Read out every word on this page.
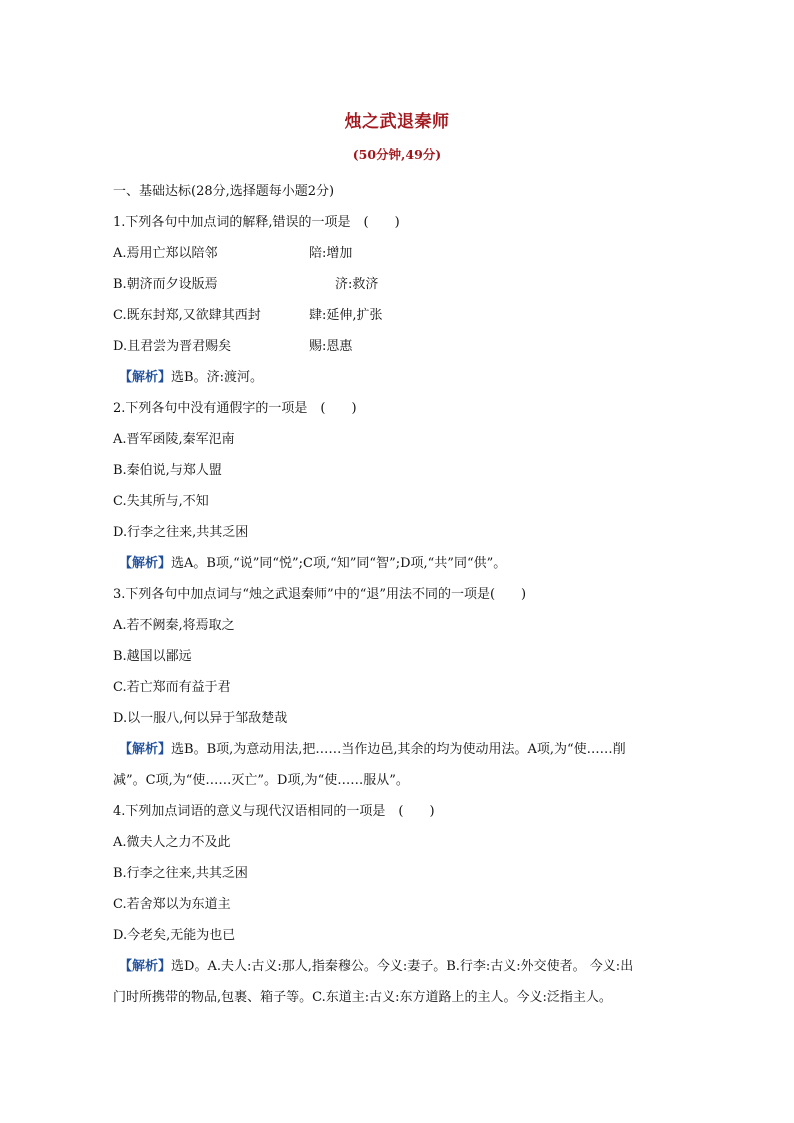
烛之武退秦师
(50分钟,49分)
一、基础达标(28分,选择题每小题2分)
1.下列各句中加点词的解释,错误的一项是　(　　)
A.焉用亡郑以陪邻	陪:增加
B.朝济而夕设版焉	济:救济
C.既东封郑,又欲肆其西封	肆:延伸,扩张
D.且君尝为晋君赐矣	赐:恩惠
【解析】选B。济:渡河。
2.下列各句中没有通假字的一项是　(　　)
A.晋军函陵,秦军氾南
B.秦伯说,与郑人盟
C.失其所与,不知
D.行李之往来,共其乏困
【解析】选A。B项,“说”同“悦”;C项,“知”同“智”;D项,“共”同“供”。
3.下列各句中加点词与“烛之武退秦师”中的“退”用法不同的一项是(　　)
A.若不阙秦,将焉取之
B.越国以鄙远
C.若亡郑而有益于君
D.以一服八,何以异于邹敌楚哉
【解析】选B。B项,为意动用法,把……当作边邑,其余的均为使动用法。A项,为“使……削
减”。C项,为“使……灭亡”。D项,为“使……服从”。
4.下列加点词语的意义与现代汉语相同的一项是　(　　)
A.微夫人之力不及此
B.行李之往来,共其乏困
C.若舍郑以为东道主
D.今老矣,无能为也已
【解析】选D。A.夫人:古义:那人,指秦穆公。今义:妻子。B.行李:古义:外交使者。 今义:出
门时所携带的物品,包裹、箱子等。C.东道主:古义:东方道路上的主人。今义:泛指主人。
